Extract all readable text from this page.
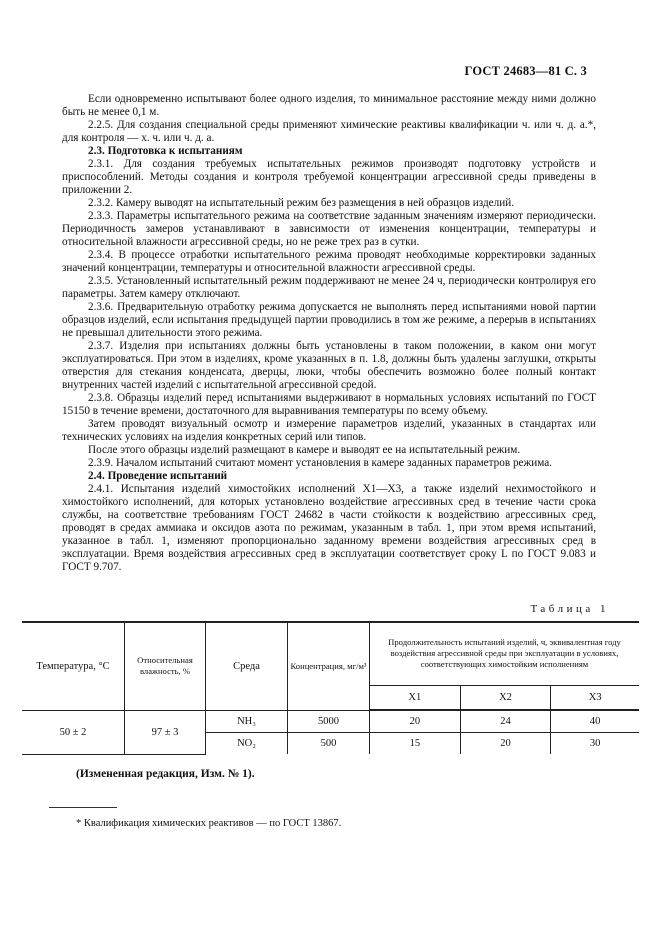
ГОСТ 24683—81 С. 3

Если одновременно испытывают более одного изделия, то минимальное расстояние между ними должно быть не менее 0,1 м.

2.2.5. Для создания специальной среды применяют химические реактивы квалификации ч. или ч. д. а.*, для контроля — х. ч. или ч. д. а.

2.3. Подготовка к испытаниям

2.3.1. Для создания требуемых испытательных режимов производят подготовку устройств и приспособлений. Методы создания и контроля требуемой концентрации агрессивной среды приведены в приложении 2.

2.3.2. Камеру выводят на испытательный режим без размещения в ней образцов изделий.

2.3.3. Параметры испытательного режима на соответствие заданным значениям измеряют периодически. Периодичность замеров устанавливают в зависимости от изменения концентрации, температуры и относительной влажности агрессивной среды, но не реже трех раз в сутки.

2.3.4. В процессе отработки испытательного режима проводят необходимые корректировки заданных значений концентрации, температуры и относительной влажности агрессивной среды.

2.3.5. Установленный испытательный режим поддерживают не менее 24 ч, периодически контролируя его параметры. Затем камеру отключают.

2.3.6. Предварительную отработку режима допускается не выполнять перед испытаниями новой партии образцов изделий, если испытания предыдущей партии проводились в том же режиме, а перерыв в испытаниях не превышал длительности этого режима.

2.3.7. Изделия при испытаниях должны быть установлены в таком положении, в каком они могут эксплуатироваться. При этом в изделиях, кроме указанных в п. 1.8, должны быть удалены заглушки, открыты отверстия для стекания конденсата, дверцы, люки, чтобы обеспечить возможно более полный контакт внутренних частей изделий с испытательной агрессивной средой.

2.3.8. Образцы изделий перед испытаниями выдерживают в нормальных условиях испытаний по ГОСТ 15150 в течение времени, достаточного для выравнивания температуры по всему объему.

Затем проводят визуальный осмотр и измерение параметров изделий, указанных в стандартах или технических условиях на изделия конкретных серий или типов.

После этого образцы изделий размещают в камере и выводят ее на испытательный режим.

2.3.9. Началом испытаний считают момент установления в камере заданных параметров режима.

2.4. Проведение испытаний

2.4.1. Испытания изделий химостойких исполнений Х1—Х3, а также изделий нехимостойкого и химостойкого исполнений, для которых установлено воздействие агрессивных сред в течение части срока службы, на соответствие требованиям ГОСТ 24682 в части стойкости к воздействию агрессивных сред, проводят в средах аммиака и оксидов азота по режимам, указанным в табл. 1, при этом время испытаний, указанное в табл. 1, изменяют пропорционально заданному времени воздействия агрессивных сред в эксплуатации. Время воздействия агрессивных сред в эксплуатации соответствует сроку L по ГОСТ 9.083 и ГОСТ 9.707.

Таблица 1
Температура, °С	Относительная влажность, %	Среда	Концентрация, мг/м³	Продолжительность испытаний изделий, ч, эквивалентная году воздействия агрессивной среды при эксплуатации в условиях, соответствующих химостойким исполнениям		
				Х1	Х2	Х3
50 ± 2	97 ± 3	NH₃	5000	20	24	40
		NO₂	500	15	20	30
(Измененная редакция, Изм. № 1).
* Квалификация химических реактивов — по ГОСТ 13867.
